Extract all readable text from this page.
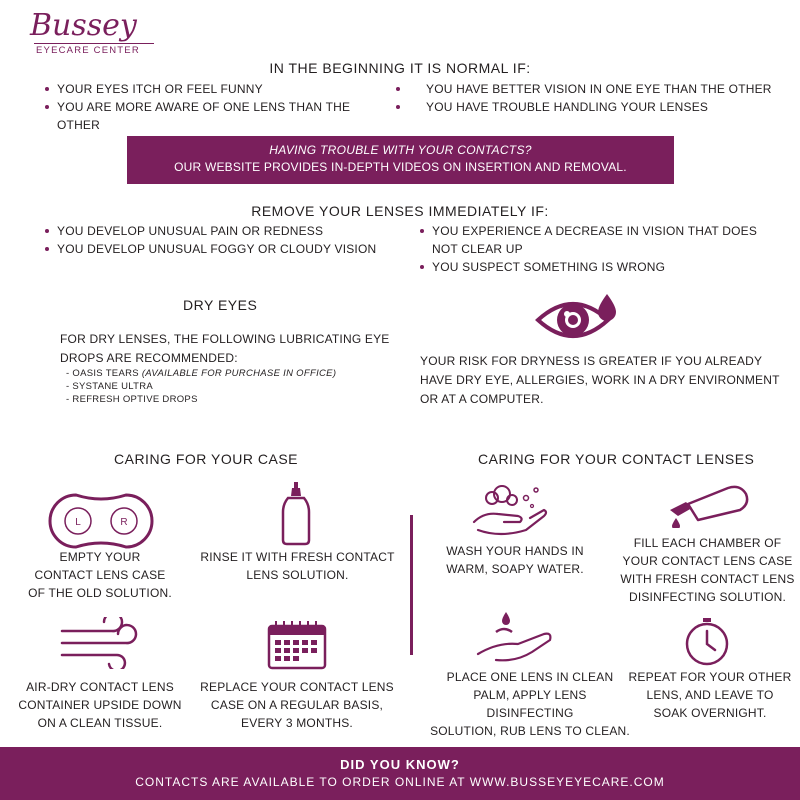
Bussey
EYECARE CENTER
IN THE BEGINNING IT IS NORMAL IF:
YOUR EYES ITCH OR FEEL FUNNY
YOU ARE MORE AWARE OF ONE LENS THAN THE OTHER
YOU HAVE BETTER VISION IN ONE EYE THAN THE OTHER
YOU HAVE TROUBLE HANDLING YOUR LENSES
HAVING TROUBLE WITH YOUR CONTACTS?
OUR WEBSITE PROVIDES IN-DEPTH VIDEOS ON INSERTION AND REMOVAL.
REMOVE YOUR LENSES IMMEDIATELY IF:
YOU DEVELOP UNUSUAL PAIN OR REDNESS
YOU DEVELOP UNUSUAL FOGGY OR CLOUDY VISION
YOU EXPERIENCE A DECREASE IN VISION THAT DOES
NOT CLEAR UP
YOU SUSPECT SOMETHING IS WRONG
DRY EYES
FOR DRY LENSES, THE FOLLOWING LUBRICATING EYE
DROPS ARE RECOMMENDED:
- OASIS TEARS (AVAILABLE FOR PURCHASE IN OFFICE)
- SYSTANE ULTRA
- REFRESH OPTIVE DROPS
YOUR RISK FOR DRYNESS IS GREATER IF YOU ALREADY
HAVE DRY EYE, ALLERGIES, WORK IN A DRY ENVIRONMENT
OR AT A COMPUTER.
CARING FOR YOUR CASE
L	R
EMPTY YOUR
CONTACT LENS CASE
OF THE OLD SOLUTION.
RINSE IT WITH FRESH CONTACT
LENS SOLUTION.
AIR-DRY CONTACT LENS
CONTAINER UPSIDE DOWN
ON A CLEAN TISSUE.
REPLACE YOUR CONTACT LENS
CASE ON A REGULAR BASIS,
EVERY 3 MONTHS.
CARING FOR YOUR CONTACT LENSES
WASH YOUR HANDS IN
WARM, SOAPY WATER.
FILL EACH CHAMBER OF
YOUR CONTACT LENS CASE
WITH FRESH CONTACT LENS
DISINFECTING SOLUTION.
PLACE ONE LENS IN CLEAN
PALM, APPLY LENS DISINFECTING
SOLUTION, RUB LENS TO CLEAN.
REPEAT FOR YOUR OTHER
LENS, AND LEAVE TO
SOAK OVERNIGHT.
DID YOU KNOW?
CONTACTS ARE AVAILABLE TO ORDER ONLINE AT WWW.BUSSEYEYECARE.COM
